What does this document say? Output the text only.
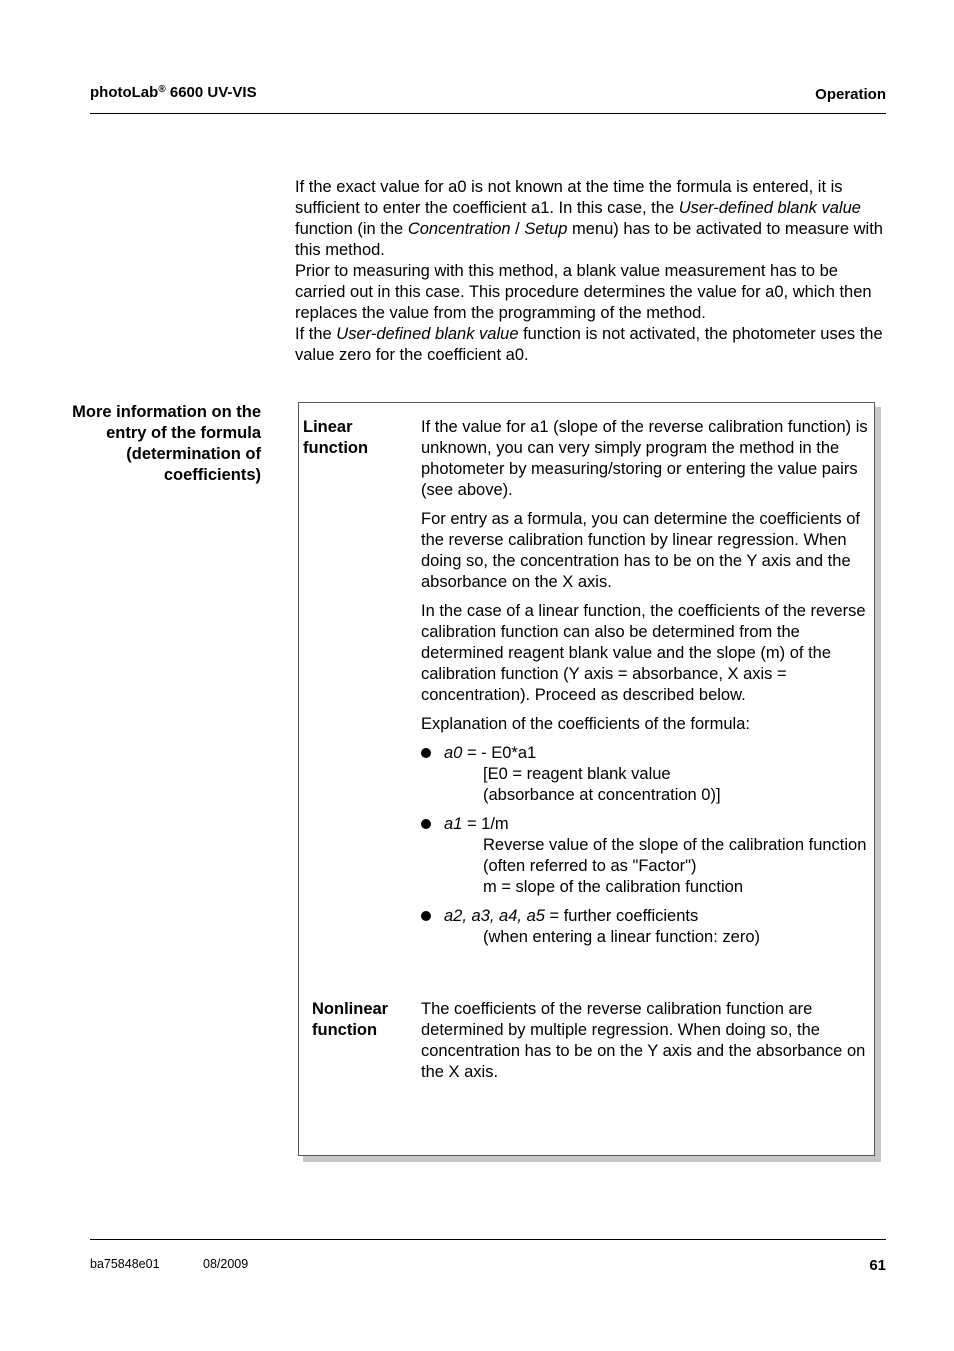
photoLab® 6600 UV-VIS	Operation

If the exact value for a0 is not known at the time the formula is entered, it is sufficient to enter the coefficient a1. In this case, the User-defined blank value function (in the Concentration / Setup menu) has to be activated to measure with this method.

Prior to measuring with this method, a blank value measurement has to be carried out in this case. This procedure determines the value for a0, which then replaces the value from the programming of the method.

If the User-defined blank value function is not activated, the photometer uses the value zero for the coefficient a0.

More information on the entry of the formula (determination of coefficients)
Linear
function

If the value for a1 (slope of the reverse calibration function) is unknown, you can very simply program the method in the photometer by measuring/storing or entering the value pairs (see above).

For entry as a formula, you can determine the coefficients of the reverse calibration function by linear regression. When doing so, the concentration has to be on the Y axis and the absorbance on the X axis.

In the case of a linear function, the coefficients of the reverse calibration function can also be determined from the determined reagent blank value and the slope (m) of the calibration function (Y axis = absorbance, X axis = concentration). Proceed as described below.

Explanation of the coefficients of the formula:

a0 = - E0*a1
[E0 = reagent blank value
(absorbance at concentration 0)]
a1 = 1/m
Reverse value of the slope of the calibration function
(often referred to as "Factor")
m = slope of the calibration function
a2, a3, a4, a5 = further coefficients
(when entering a linear function: zero)
Nonlinear
function

The coefficients of the reverse calibration function are determined by multiple regression. When doing so, the concentration has to be on the Y axis and the absorbance on the X axis.

ba75848e01	08/2009	61
